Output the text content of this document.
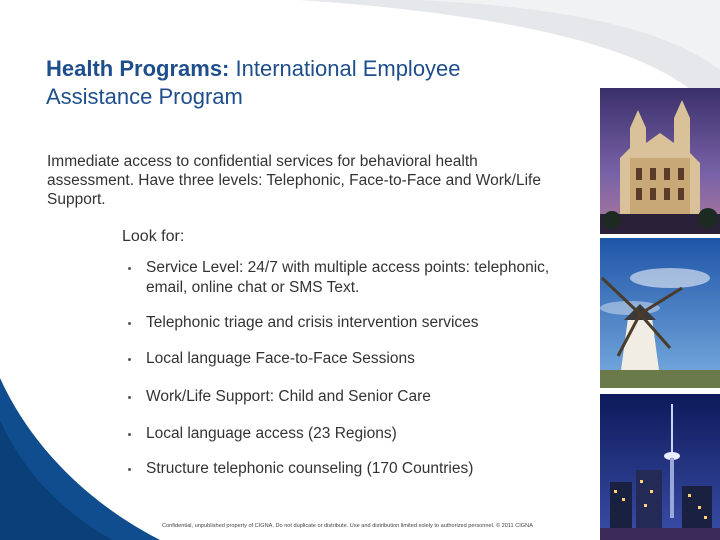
Health Programs: International Employee Assistance Program

Immediate access to confidential services for behavioral health assessment. Have three levels: Telephonic, Face-to-Face and Work/Life Support.

Look for:

Service Level: 24/7 with multiple access points: telephonic, email, online chat or SMS Text.
Telephonic triage and crisis intervention services
Local language Face-to-Face Sessions
Work/Life Support: Child and Senior Care
Local language access (23 Regions)
Structure telephonic counseling (170 Countries)

Confidential, unpublished property of CIGNA. Do not duplicate or distribute. Use and distribution limited solely to authorized personnel. © 2011 CIGNA
